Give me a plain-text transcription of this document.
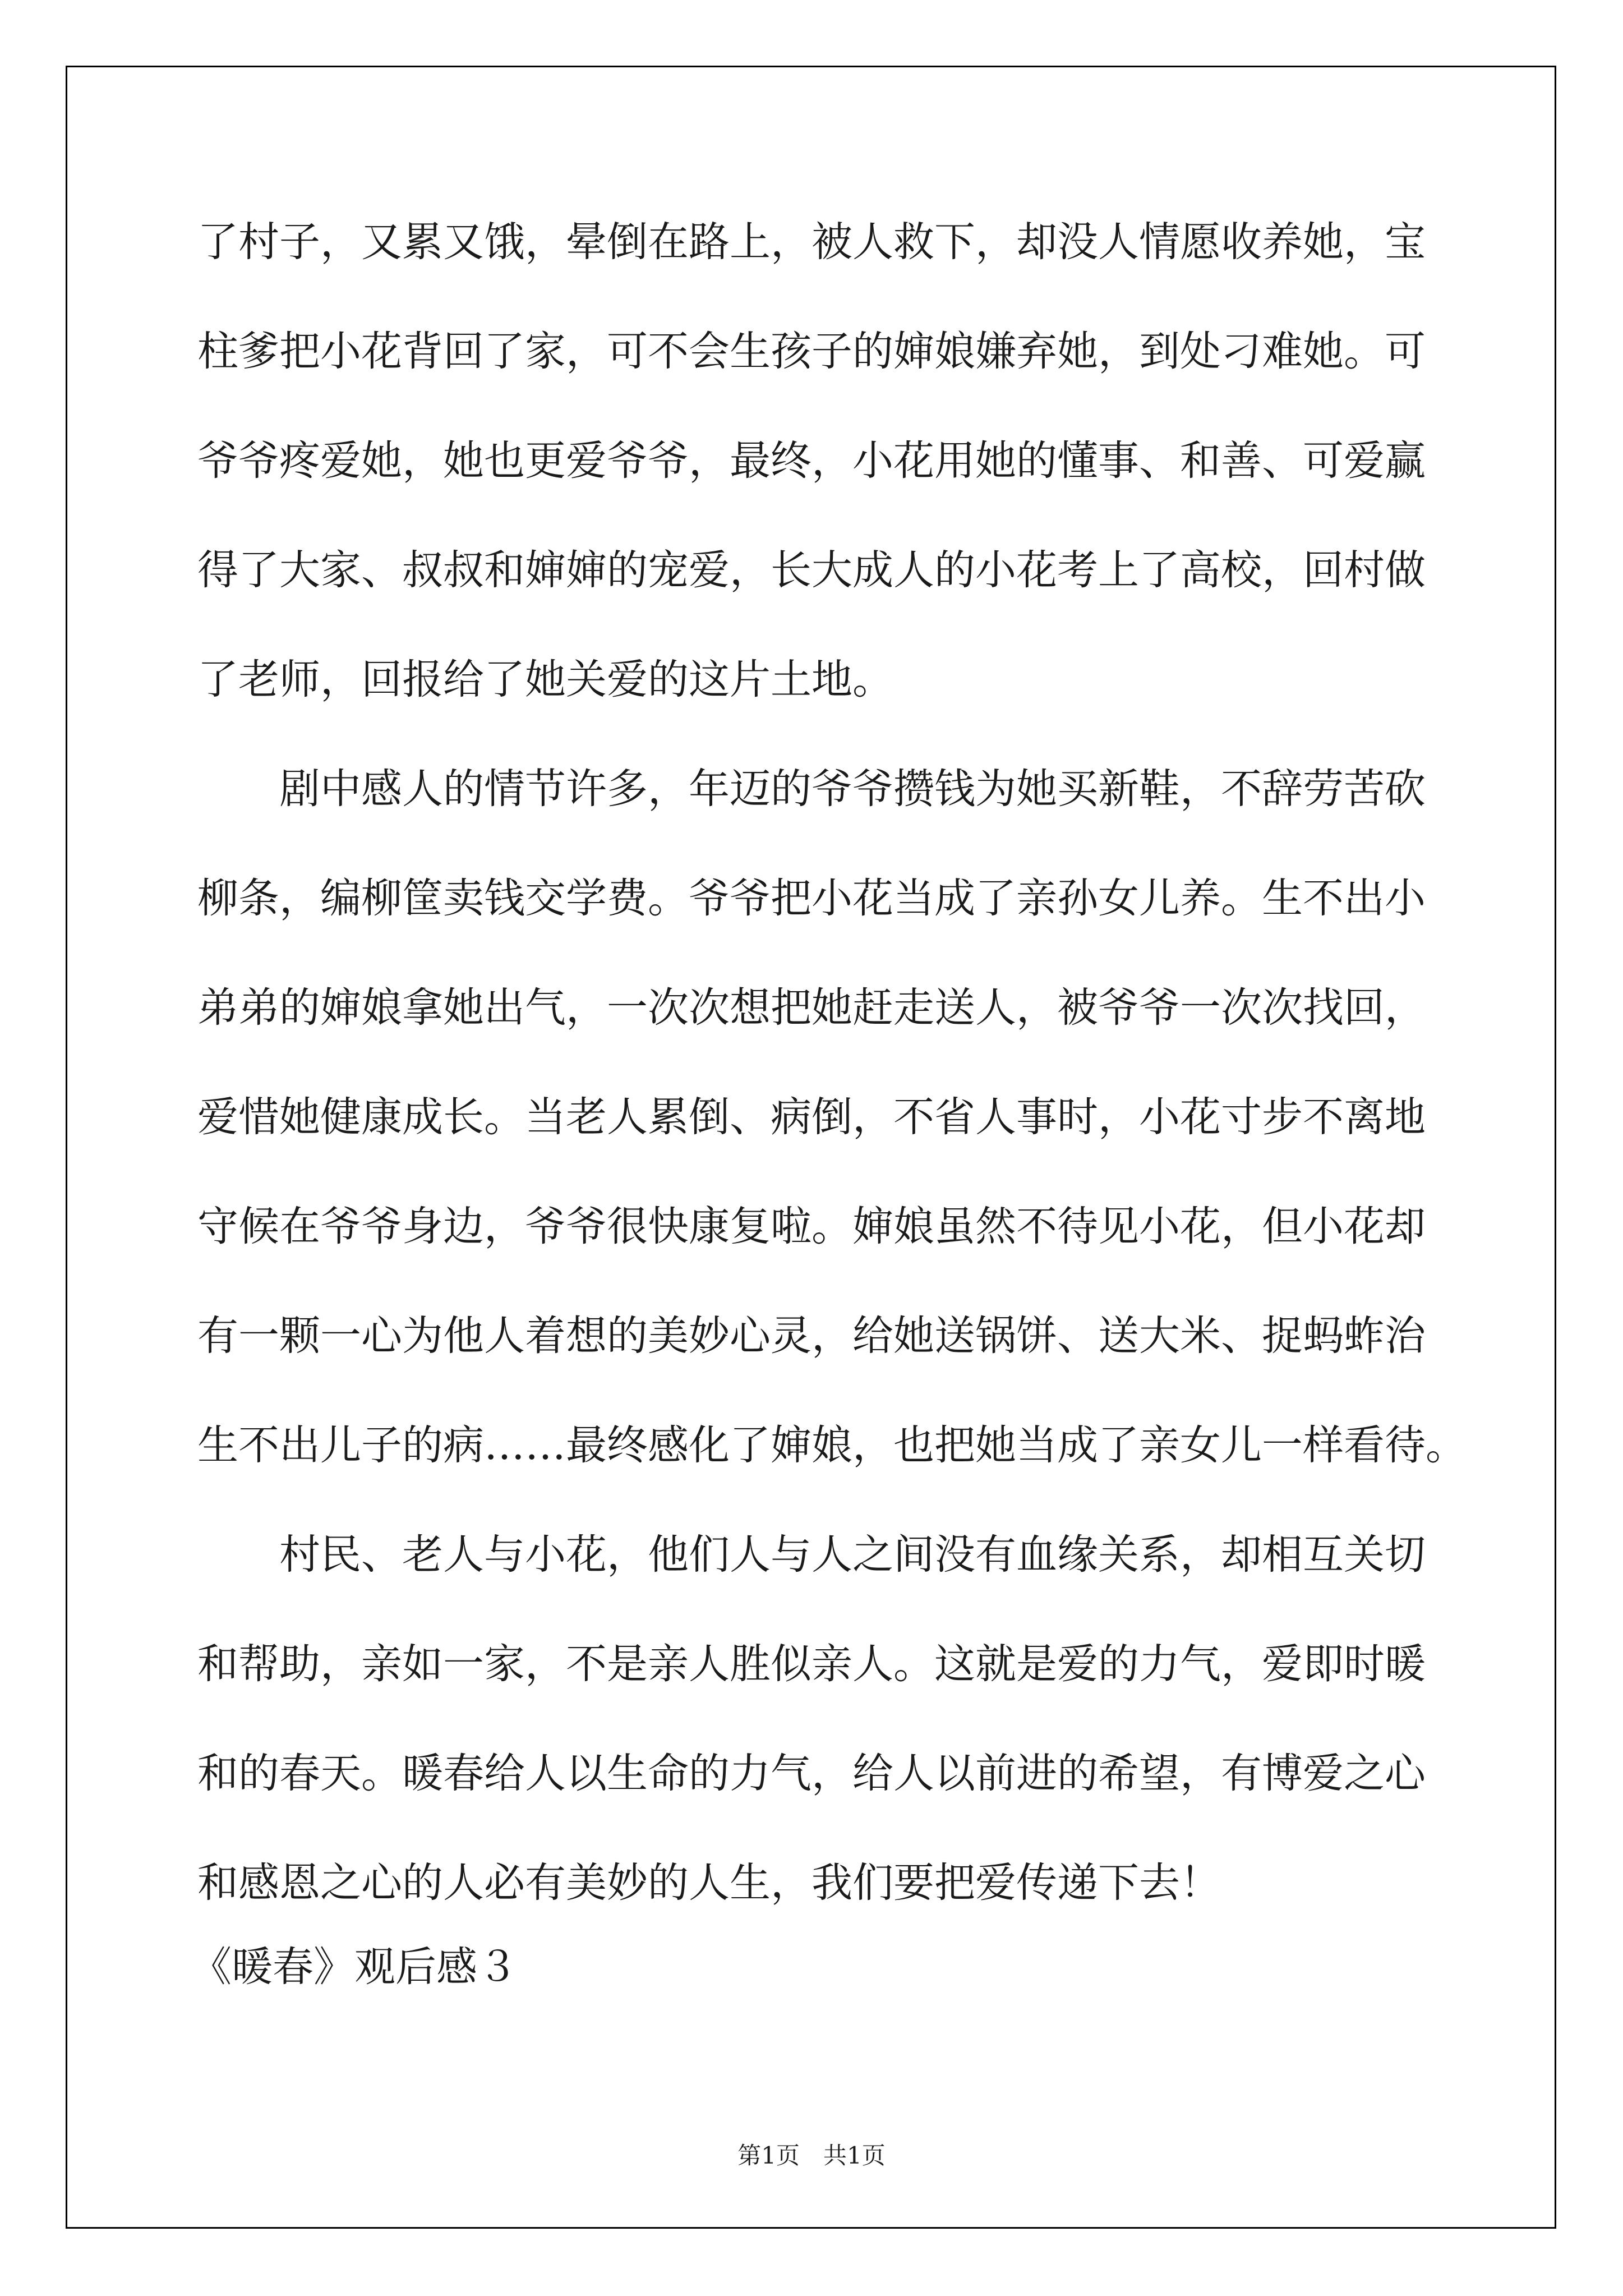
了村子，又累又饿，晕倒在路上，被人救下，却没人情愿收养她，宝
柱爹把小花背回了家，可不会生孩子的婶娘嫌弃她，到处刁难她。可
爷爷疼爱她，她也更爱爷爷，最终，小花用她的懂事、和善、可爱赢
得了大家、叔叔和婶婶的宠爱，长大成人的小花考上了高校，回村做
了老师，回报给了她关爱的这片土地。
剧中感人的情节许多，年迈的爷爷攒钱为她买新鞋，不辞劳苦砍
柳条，编柳筐卖钱交学费。爷爷把小花当成了亲孙女儿养。生不出小
弟弟的婶娘拿她出气，一次次想把她赶走送人，被爷爷一次次找回，
爱惜她健康成长。当老人累倒、病倒，不省人事时，小花寸步不离地
守候在爷爷身边，爷爷很快康复啦。婶娘虽然不待见小花，但小花却
有一颗一心为他人着想的美妙心灵，给她送锅饼、送大米、捉蚂蚱治
生不出儿子的病……最终感化了婶娘，也把她当成了亲女儿一样看待。
村民、老人与小花，他们人与人之间没有血缘关系，却相互关切
和帮助，亲如一家，不是亲人胜似亲人。这就是爱的力气，爱即时暖
和的春天。暖春给人以生命的力气，给人以前进的希望，有博爱之心
和感恩之心的人必有美妙的人生，我们要把爱传递下去！
《暖春》观后感３
第1页　共1页
